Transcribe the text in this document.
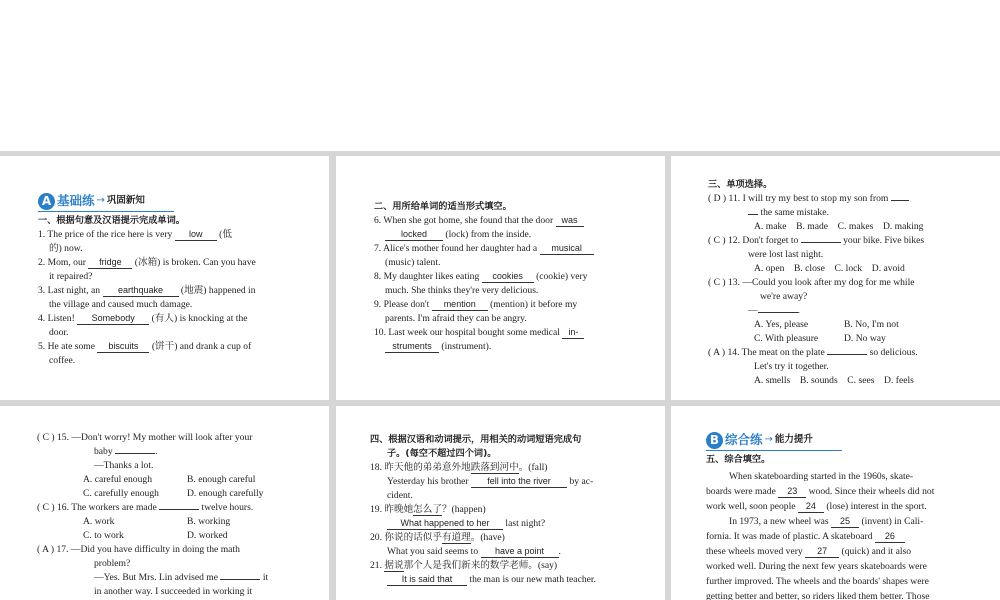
A 基础练 → 巩固新知
一、根据句意及汉语提示完成单词。
1. The price of the rice here is very low (低
的) now.
2. Mom, our fridge (冰箱) is broken. Can you have
it repaired?
3. Last night, an earthquake (地震) happened in
the village and caused much damage.
4. Listen! Somebody (有人) is knocking at the
door.
5. He ate some biscuits (饼干) and drank a cup of
coffee.
二、用所给单词的适当形式填空。
6. When she got home, she found that the door was
locked (lock) from the inside.
7. Alice's mother found her daughter had a musical
(music) talent.
8. My daughter likes eating cookies (cookie) very
much. She thinks they're very delicious.
9. Please don't mention (mention) it before my
parents. I'm afraid they can be angry.
10. Last week our hospital bought some medical in-
struments (instrument).
三、单项选择。
( D ) 11. I will try my best to stop my son from
the same mistake.
A. make    B. made    C. makes    D. making
( C ) 12. Don't forget to	your bike. Five bikes
were lost last night.
A. open    B. close    C. lock    D. avoid
( C ) 13. —Could you look after my dog for me while
we're away?
—	.
A. Yes, please	B. No, I'm not
C. With pleasure	D. No way
( A ) 14. The meat on the plate	so delicious.
Let's try it together.
A. smells    B. sounds    C. sees    D. feels
( C ) 15. —Don't worry! My mother will look after your
baby	.
—Thanks a lot.
A. careful enough	B. enough careful
C. carefully enough	D. enough carefully
( C ) 16. The workers are made	twelve hours.
A. work	B. working
C. to work	D. worked
( A ) 17. —Did you have difficulty in doing the math
problem?
—Yes. But Mrs. Lin advised me	it
in another way. I succeeded in working it
四、根据汉语和动词提示，用相关的动词短语完成句
子。(每空不超过四个词)。
18. 昨天他的弟弟意外地跌落到河中。(fall)
Yesterday his brother fell into the river by ac-
cident.
19. 昨晚她怎么了？(happen)
What happened to her last night?
20. 你说的话似乎有道理。(have)
What you said seems to have a point .
21. 据说那个人是我们新来的数学老师。(say)
It is said that the man is our new math teacher.
B 综合练 → 能力提升
五、综合填空。
When skateboarding started in the 1960s, skate-
boards were made 23 wood. Since their wheels did not
work well, soon people 24 (lose) interest in the sport.
In 1973, a new wheel was 25 (invent) in Cali-
fornia. It was made of plastic. A skateboard 26
these wheels moved very 27 (quick) and it also
worked well. During the next few years skateboards were
further improved. The wheels and the boards' shapes were
getting better and better, so riders liked them better. Those
